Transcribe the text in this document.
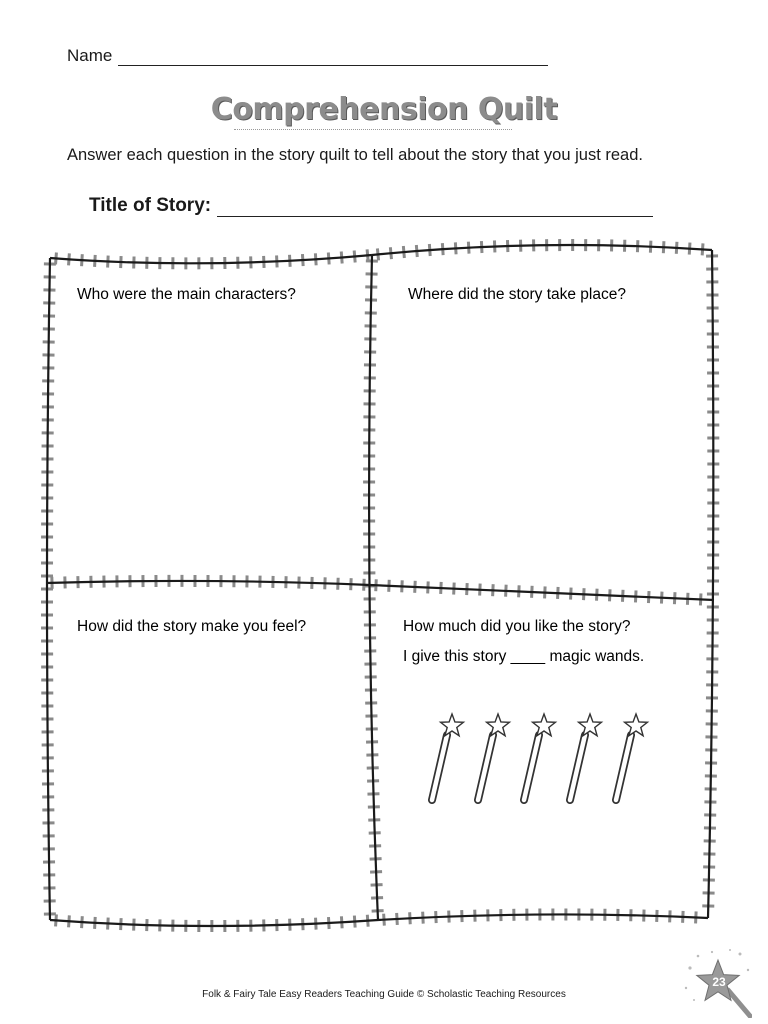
Name
Comprehension Quilt
Answer each question in the story quilt to tell about the story that you just read.
Title of Story:
Who were the main characters?	Where did the story take place?
How did the story make you feel?	How much did you like the story?
I give this story ____ magic wands.
23
Folk & Fairy Tale Easy Readers Teaching Guide © Scholastic Teaching Resources
